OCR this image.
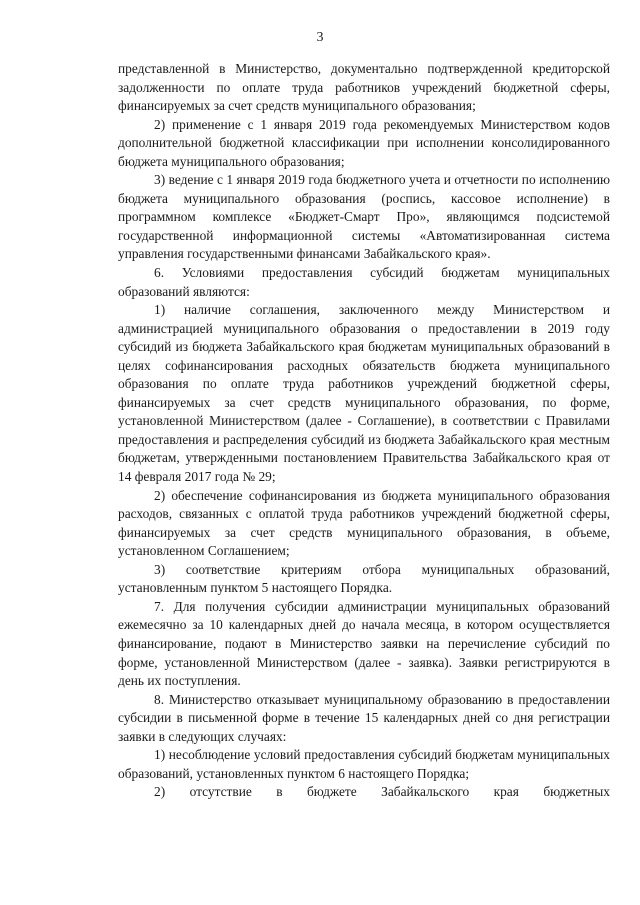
3

представленной в Министерство, документально подтвержденной кредиторской задолженности по оплате труда работников учреждений бюджетной сферы, финансируемых за счет средств муниципального образования;

2) применение с 1 января 2019 года рекомендуемых Министерством кодов дополнительной бюджетной классификации при исполнении консолидированного бюджета муниципального образования;

3) ведение с 1 января 2019 года бюджетного учета и отчетности по исполнению бюджета муниципального образования (роспись, кассовое исполнение) в программном комплексе «Бюджет-Смарт Про», являющимся подсистемой государственной информационной системы «Автоматизированная система управления государственными финансами Забайкальского края».

6. Условиями предоставления субсидий бюджетам муниципальных образований являются:

1) наличие соглашения, заключенного между Министерством и администрацией муниципального образования о предоставлении в 2019 году субсидий из бюджета Забайкальского края бюджетам муниципальных образований в целях софинансирования расходных обязательств бюджета муниципального образования по оплате труда работников учреждений бюджетной сферы, финансируемых за счет средств муниципального образования, по форме, установленной Министерством (далее - Соглашение), в соответствии с Правилами предоставления и распределения субсидий из бюджета Забайкальского края местным бюджетам, утвержденными постановлением Правительства Забайкальского края от 14 февраля 2017 года № 29;

2) обеспечение софинансирования из бюджета муниципального образования расходов, связанных с оплатой труда работников учреждений бюджетной сферы, финансируемых за счет средств муниципального образования, в объеме, установленном Соглашением;

3) соответствие критериям отбора муниципальных образований, установленным пунктом 5 настоящего Порядка.

7. Для получения субсидии администрации муниципальных образований ежемесячно за 10 календарных дней до начала месяца, в котором осуществляется финансирование, подают в Министерство заявки на перечисление субсидий по форме, установленной Министерством (далее - заявка). Заявки регистрируются в день их поступления.

8. Министерство отказывает муниципальному образованию в предоставлении субсидии в письменной форме в течение 15 календарных дней со дня регистрации заявки в следующих случаях:

1) несоблюдение условий предоставления субсидий бюджетам муниципальных образований, установленных пунктом 6 настоящего Порядка;

2) отсутствие в бюджете Забайкальского края бюджетных
